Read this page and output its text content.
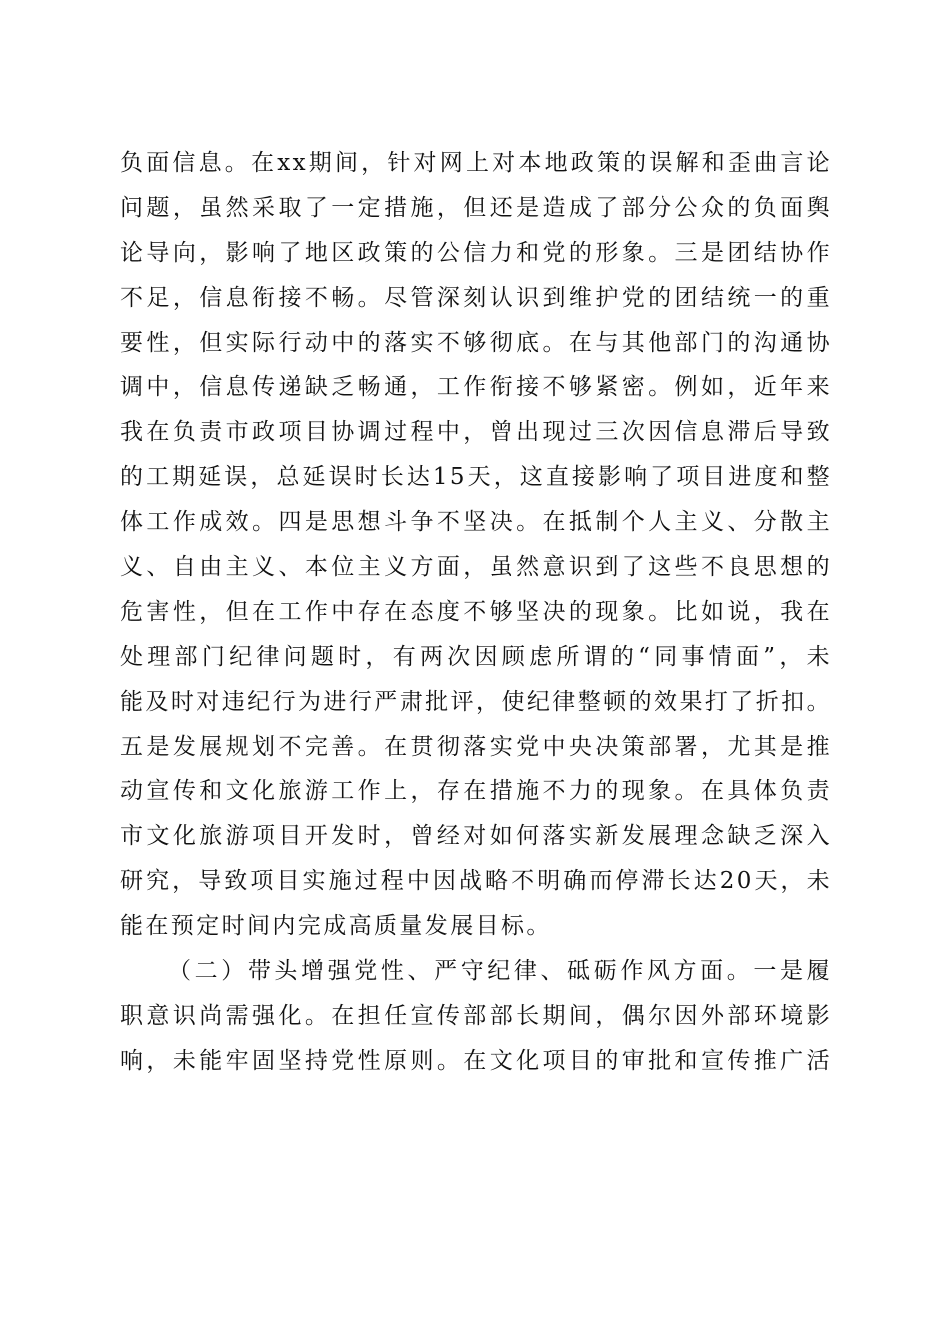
负面信息。在xx期间，针对网上对本地政策的误解和歪曲言论
问题，虽然采取了一定措施，但还是造成了部分公众的负面舆
论导向，影响了地区政策的公信力和党的形象。三是团结协作
不足，信息衔接不畅。尽管深刻认识到维护党的团结统一的重
要性，但实际行动中的落实不够彻底。在与其他部门的沟通协
调中，信息传递缺乏畅通，工作衔接不够紧密。例如，近年来
我在负责市政项目协调过程中，曾出现过三次因信息滞后导致
的工期延误，总延误时长达15天，这直接影响了项目进度和整
体工作成效。四是思想斗争不坚决。在抵制个人主义、分散主
义、自由主义、本位主义方面，虽然意识到了这些不良思想的
危害性，但在工作中存在态度不够坚决的现象。比如说，我在
处理部门纪律问题时，有两次因顾虑所谓的“同事情面”，未
能及时对违纪行为进行严肃批评，使纪律整顿的效果打了折扣。
五是发展规划不完善。在贯彻落实党中央决策部署，尤其是推
动宣传和文化旅游工作上，存在措施不力的现象。在具体负责
市文化旅游项目开发时，曾经对如何落实新发展理念缺乏深入
研究，导致项目实施过程中因战略不明确而停滞长达20天，未
能在预定时间内完成高质量发展目标。
（二）带头增强党性、严守纪律、砥砺作风方面。一是履
职意识尚需强化。在担任宣传部部长期间，偶尔因外部环境影
响，未能牢固坚持党性原则。在文化项目的审批和宣传推广活
